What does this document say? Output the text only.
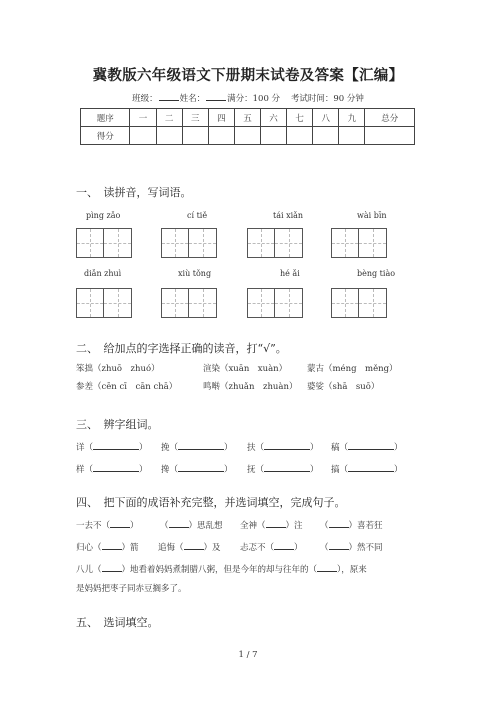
冀教版六年级语文下册期末试卷及答案【汇编】
班级：	姓名：	满分：100 分 考试时间：90 分钟
题序	一	二	三	四	五	六	七	八	九	总分
得分										
一、　读拼音，写词语。
pìng zǎo	cí tiě	tái xiǎn	wài bīn
diǎn zhuì	xiù tǒng	hé ǎi	bèng tiào
二、　给加点的字选择正确的读音，打“√”。
笨拙（zhuō　zhuó）	渲染（xuān　xuàn） 蒙古（méng　měng）
参差（cēn cī　cān chā）	鸣啭（zhuǎn　zhuàn） 婆娑（shā　suō）
三、　辨字组词。
详（	） 挽（	） 扶（	） 稿（	）
样（	） 搀（	） 抚（	） 搞（	）
四、　把下面的成语补充完整，并选词填空，完成句子。
一去不（ ）	（ ）思乱想 全神（ ）注 （ ）喜若狂
归心（ ）箭 追悔（ ）及 忐忑不（ ） （ ）然不同
八儿（ ）地看着妈妈煮制腊八粥，但是今年的却与往年的（ ），原来
是妈妈把枣子同赤豆搁多了。
五、　选词填空。
1 / 7
